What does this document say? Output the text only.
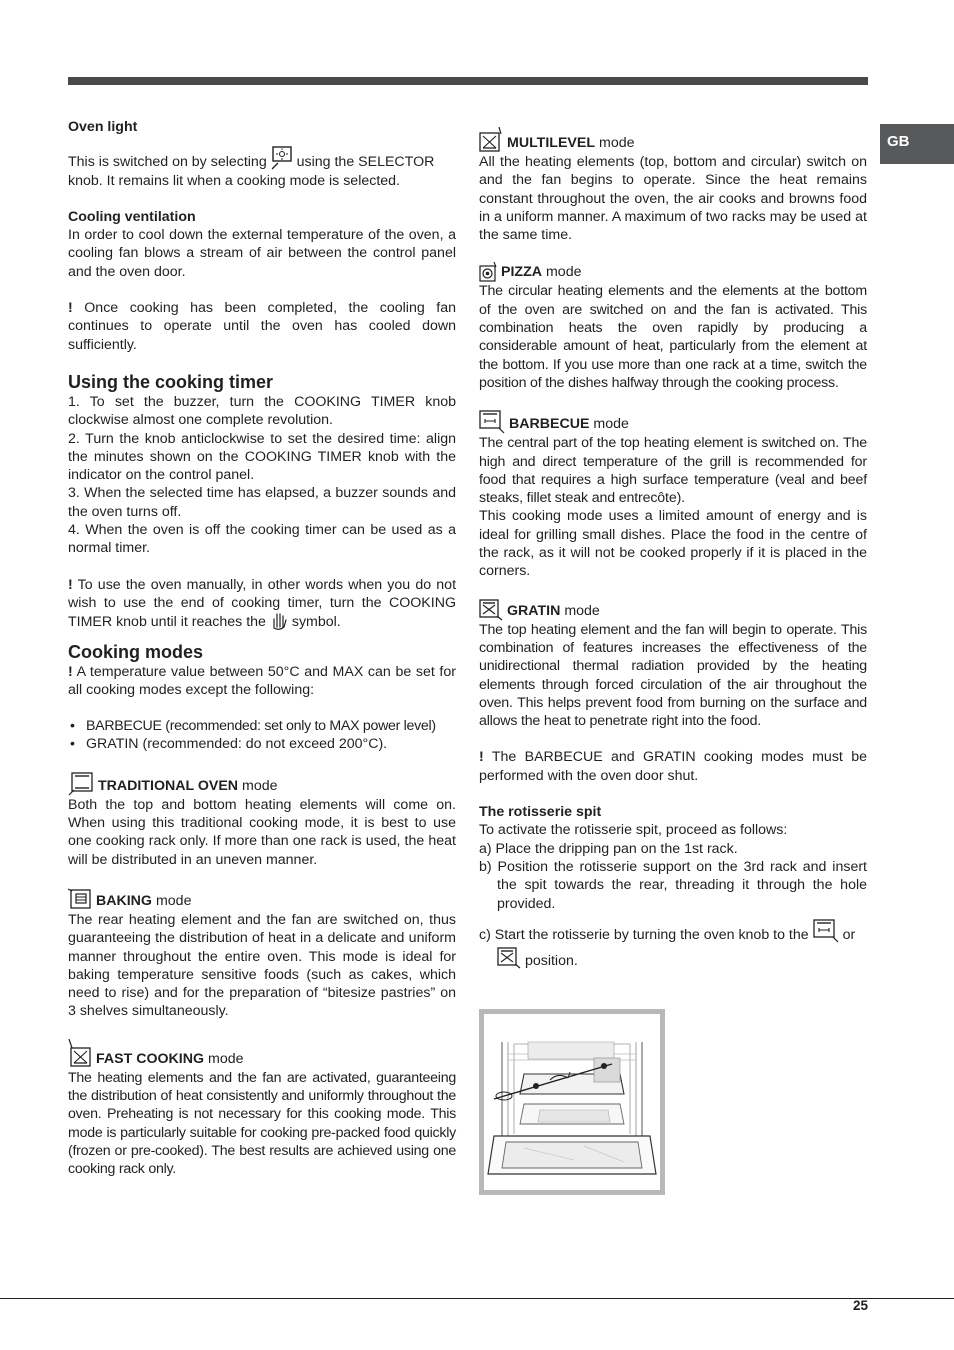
GB

Oven light

This is switched on by selecting using the SELECTOR knob. It remains lit when a cooking mode is selected.

Cooling ventilation

In order to cool down the external temperature of the oven, a cooling fan blows a stream of air between the control panel and the oven door.

! Once cooking has been completed, the cooling fan continues to operate until the oven has cooled down sufficiently.

Using the cooking timer

1. To set the buzzer, turn the COOKING TIMER knob clockwise almost one complete revolution.

2. Turn the knob anticlockwise to set the desired time: align the minutes shown on the COOKING TIMER knob with the indicator on the control panel.

3. When the selected time has elapsed, a buzzer sounds and the oven turns off.

4. When the oven is off the cooking timer can be used as a normal timer.

! To use the oven manually, in other words when you do not wish to use the end of cooking timer, turn the COOKING TIMER knob until it reaches the symbol.

Cooking modes

! A temperature value between 50°C and MAX can be set for all cooking modes except the following:

• BARBECUE (recommended: set only to MAX power level)
• GRATIN (recommended: do not exceed 200°C).
TRADITIONAL OVEN mode

Both the top and bottom heating elements will come on. When using this traditional cooking mode, it is best to use one cooking rack only. If more than one rack is used, the heat will be distributed in an uneven manner.

BAKING mode

The rear heating element and the fan are switched on, thus guaranteeing the distribution of heat in a delicate and uniform manner throughout the entire oven. This mode is ideal for baking temperature sensitive foods (such as cakes, which need to rise) and for the preparation of “bitesize pastries” on 3 shelves simultaneously.

FAST COOKING mode

The heating elements and the fan are activated, guaranteeing the distribution of heat consistently and uniformly throughout the oven. Preheating is not necessary for this cooking mode. This mode is particularly suitable for cooking pre-packed food quickly (frozen or pre-cooked). The best results are achieved using one cooking rack only.

MULTILEVEL mode

All the heating elements (top, bottom and circular) switch on and the fan begins to operate. Since the heat remains constant throughout the oven, the air cooks and browns food in a uniform manner. A maximum of two racks may be used at the same time.

PIZZA mode

The circular heating elements and the elements at the bottom of the oven are switched on and the fan is activated. This combination heats the oven rapidly by producing a considerable amount of heat, particularly from the element at the bottom. If you use more than one rack at a time, switch the position of the dishes halfway through the cooking process.

BARBECUE mode

The central part of the top heating element is switched on. The high and direct temperature of the grill is recommended for food that requires a high surface temperature (veal and beef steaks, fillet steak and entrecôte).

This cooking mode uses a limited amount of energy and is ideal for grilling small dishes. Place the food in the centre of the rack, as it will not be cooked properly if it is placed in the corners.

GRATIN mode

The top heating element and the fan will begin to operate. This combination of features increases the effectiveness of the unidirectional thermal radiation provided by the heating elements through forced circulation of the air throughout the oven. This helps prevent food from burning on the surface and allows the heat to penetrate right into the food.

! The BARBECUE and GRATIN cooking modes must be performed with the oven door shut.

The rotisserie spit

To activate the rotisserie spit, proceed as follows:

a) Place the dripping pan on the 1st rack.

b) Position the rotisserie support on the 3rd rack and insert the spit towards the rear, threading it through the hole provided.

c) Start the rotisserie by turning the oven knob to the or  position.

25
